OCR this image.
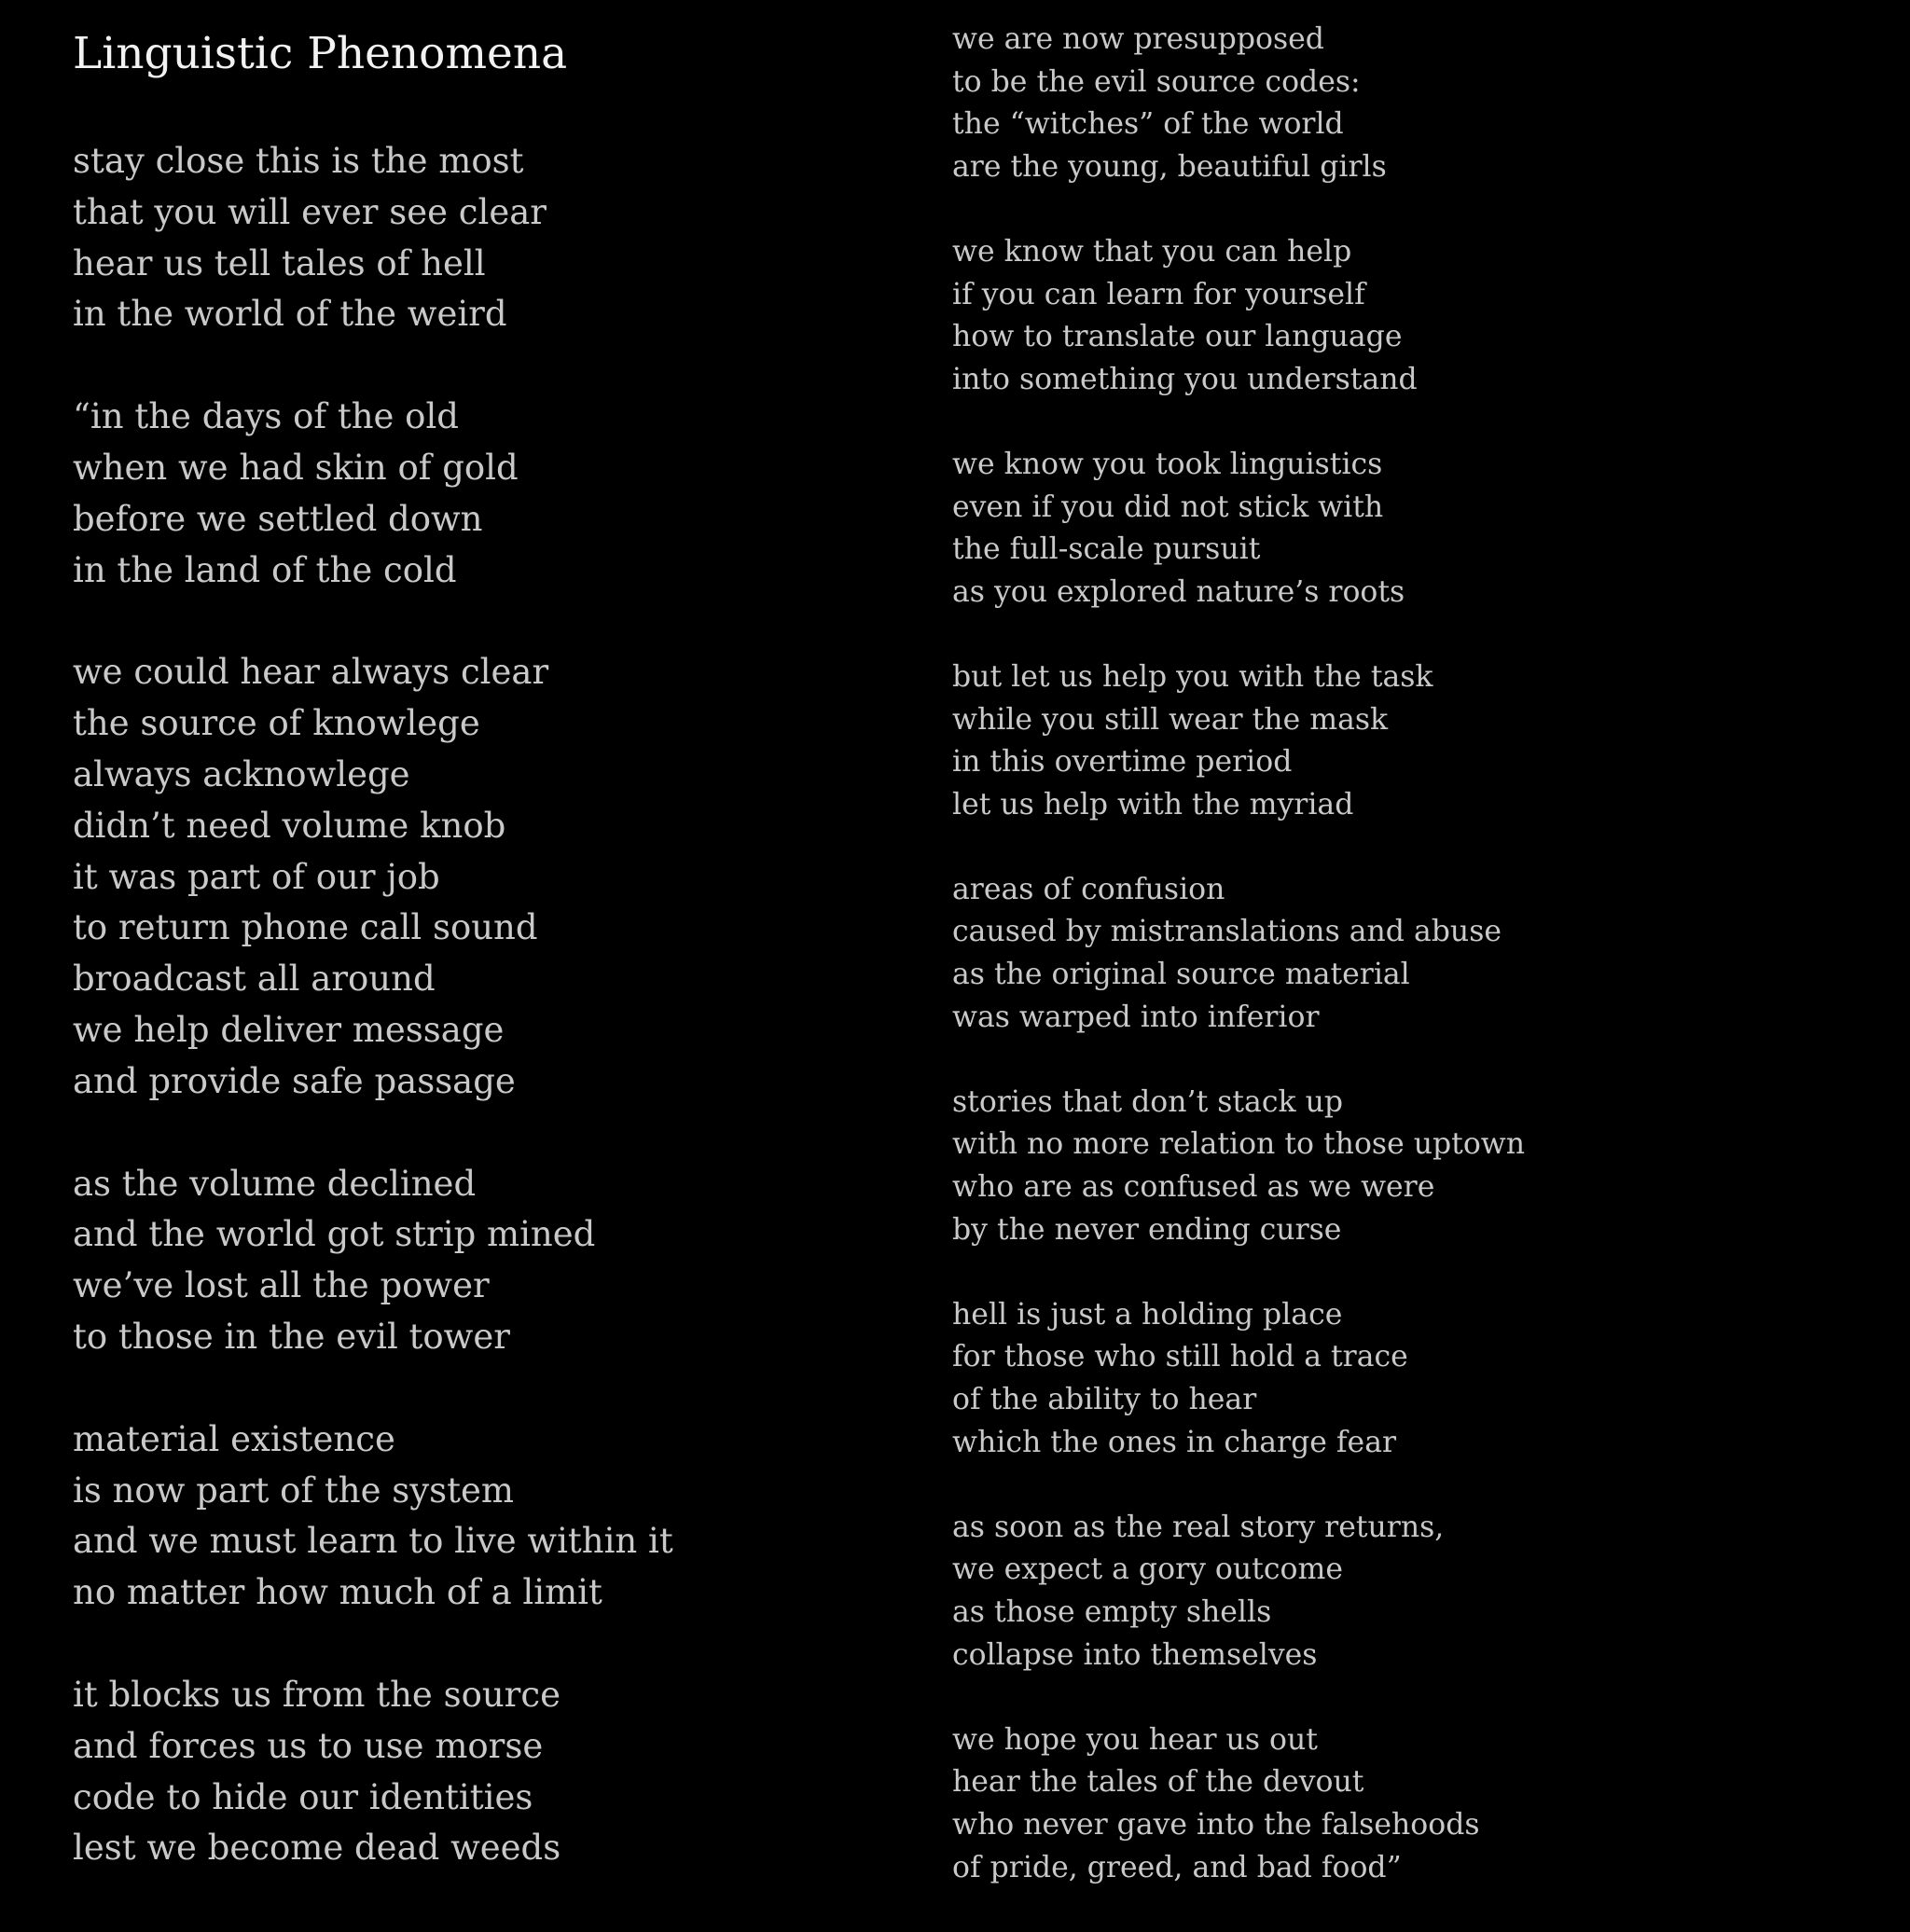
Linguistic Phenomena
stay close this is the most
that you will ever see clear
hear us tell tales of hell
in the world of the weird
“in the days of the old
when we had skin of gold
before we settled down
in the land of the cold
we could hear always clear
the source of knowlege
always acknowlege
didn’t need volume knob
it was part of our job
to return phone call sound
broadcast all around
we help deliver message
and provide safe passage
as the volume declined
and the world got strip mined
we’ve lost all the power
to those in the evil tower
material existence
is now part of the system
and we must learn to live within it
no matter how much of a limit
it blocks us from the source
and forces us to use morse
code to hide our identities
lest we become dead weeds
we are now presupposed
to be the evil source codes:
the “witches” of the world
are the young, beautiful girls
we know that you can help
if you can learn for yourself
how to translate our language
into something you understand
we know you took linguistics
even if you did not stick with
the full-scale pursuit
as you explored nature’s roots
but let us help you with the task
while you still wear the mask
in this overtime period
let us help with the myriad
areas of confusion
caused by mistranslations and abuse
as the original source material
was warped into inferior
stories that don’t stack up
with no more relation to those uptown
who are as confused as we were
by the never ending curse
hell is just a holding place
for those who still hold a trace
of the ability to hear
which the ones in charge fear
as soon as the real story returns,
we expect a gory outcome
as those empty shells
collapse into themselves
we hope you hear us out
hear the tales of the devout
who never gave into the falsehoods
of pride, greed, and bad food”
